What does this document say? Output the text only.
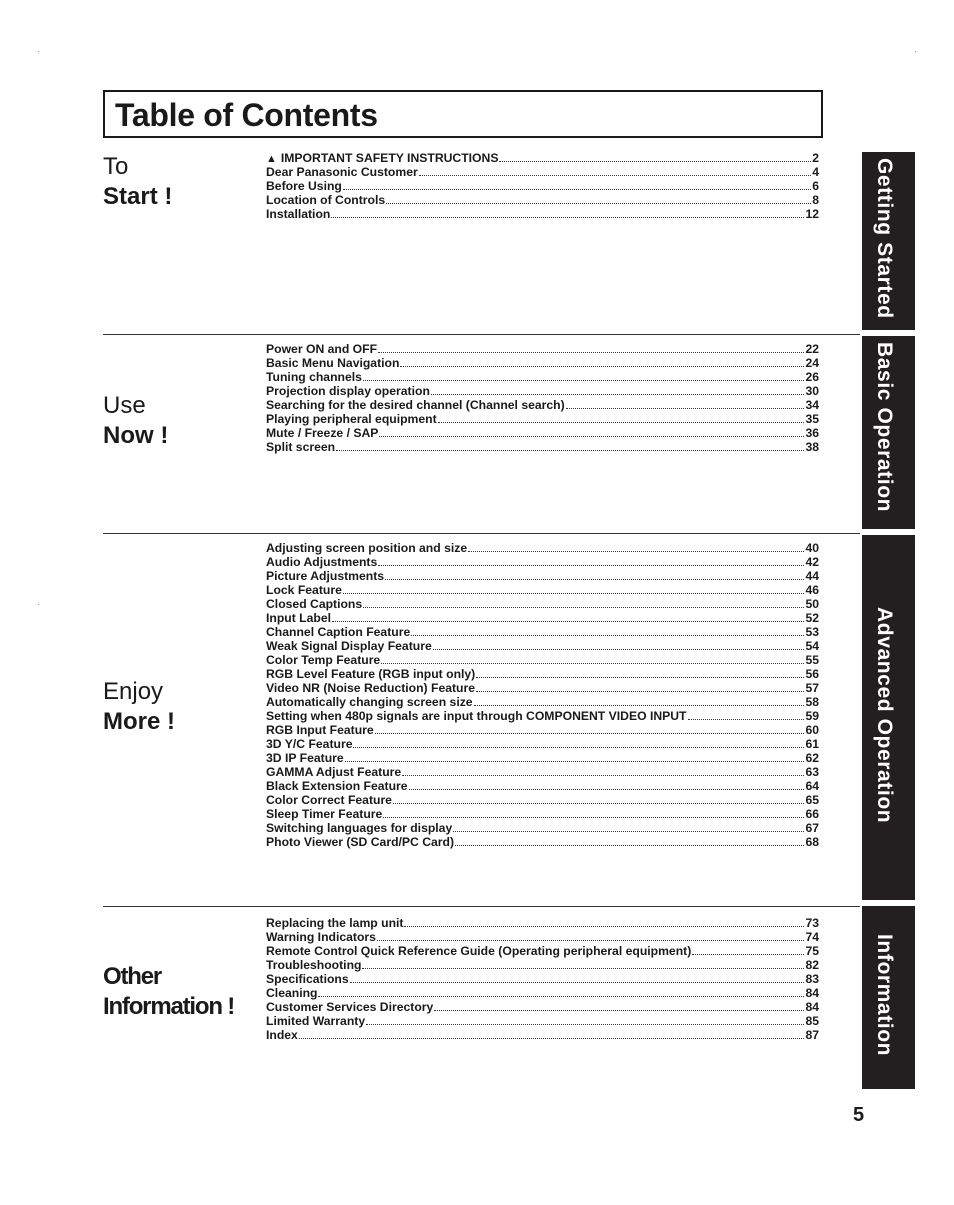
Table of Contents
To
Start !
▲ IMPORTANT SAFETY INSTRUCTIONS	2
Dear Panasonic Customer	4
Before Using	6
Location of Controls	8
Installation	12	Getting Started
Use
Now !
Power ON and OFF	22
Basic Menu Navigation	24
Tuning channels	26
Projection display operation	30
Searching for the desired channel (Channel search)	34
Playing peripheral equipment	35
Mute / Freeze / SAP	36
Split screen	38	Basic Operation
Enjoy
More !
Adjusting screen position and size	40
Audio Adjustments	42
Picture Adjustments	44
Lock Feature	46
Closed Captions	50
Input Label	52
Channel Caption Feature	53
Weak Signal Display Feature	54
Color Temp Feature	55
RGB Level Feature (RGB input only)	56
Video NR (Noise Reduction) Feature	57
Automatically changing screen size	58
Setting when 480p signals are input through COMPONENT VIDEO INPUT	59
RGB Input Feature	60
3D Y/C Feature	61
3D IP Feature	62
GAMMA Adjust Feature	63
Black Extension Feature	64
Color Correct Feature	65
Sleep Timer Feature	66
Switching languages for display	67
Photo Viewer (SD Card/PC Card)	68
Advanced Operation
Other
Information !
Replacing the lamp unit	73
Warning Indicators	74
Remote Control Quick Reference Guide (Operating peripheral equipment)	75
Troubleshooting	82
Specifications	83
Cleaning	84
Customer Services Directory	84
Limited Warranty	85
Index	87	Information
5
